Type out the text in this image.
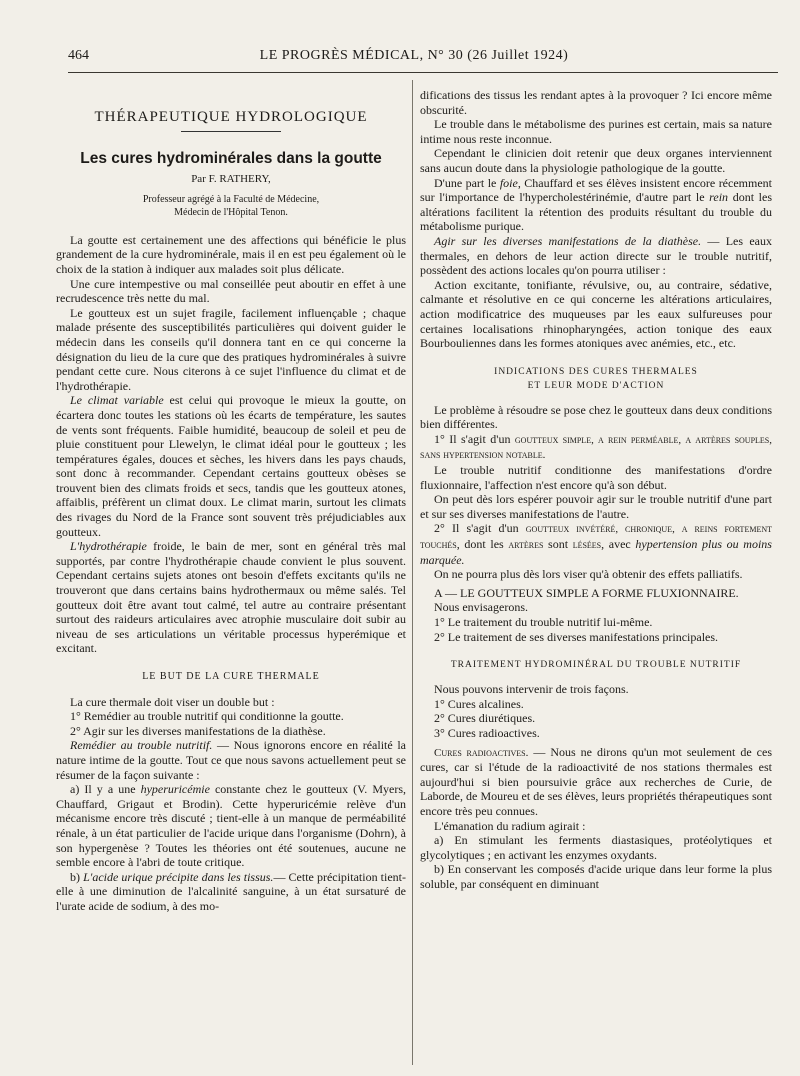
464	LE PROGRÈS MÉDICAL, N° 30 (26 Juillet 1924)

THÉRAPEUTIQUE HYDROLOGIQUE

Les cures hydrominérales dans la goutte

Par F. RATHERY,

Professeur agrégé à la Faculté de Médecine,

Médecin de l'Hôpital Tenon.

La goutte est certainement une des affections qui bénéficie le plus grandement de la cure hydrominérale, mais il en est peu également où le choix de la station à indiquer aux malades soit plus délicate.

Une cure intempestive ou mal conseillée peut aboutir en effet à une recrudescence très nette du mal.

Le goutteux est un sujet fragile, facilement influençable ; chaque malade présente des susceptibilités particulières qui doivent guider le médecin dans les conseils qu'il donnera tant en ce qui concerne la désignation du lieu de la cure que des pratiques hydrominérales à suivre pendant cette cure. Nous citerons à ce sujet l'influence du climat et de l'hydrothérapie.

Le climat variable est celui qui provoque le mieux la goutte, on écartera donc toutes les stations où les écarts de température, les sautes de vents sont fréquents. Faible humidité, beaucoup de soleil et peu de pluie constituent pour Llewelyn, le climat idéal pour le goutteux ; les températures égales, douces et sèches, les hivers dans les pays chauds, sont donc à recommander. Cependant certains goutteux obèses se trouvent bien des climats froids et secs, tandis que les goutteux atones, affaiblis, préfèrent un climat doux. Le climat marin, surtout les climats des rivages du Nord de la France sont souvent très préjudiciables aux goutteux.

L'hydrothérapie froide, le bain de mer, sont en général très mal supportés, par contre l'hydrothérapie chaude convient le plus souvent. Cependant certains sujets atones ont besoin d'effets excitants qu'ils ne trouveront que dans certains bains hydrothermaux ou même salés. Tel goutteux doit être avant tout calmé, tel autre au contraire présentant surtout des raideurs articulaires avec atrophie musculaire doit subir au niveau de ses articulations un véritable processus hyperémique et excitant.

LE BUT DE LA CURE THERMALE

La cure thermale doit viser un double but :

1° Remédier au trouble nutritif qui conditionne la goutte.

2° Agir sur les diverses manifestations de la diathèse.

Remédier au trouble nutritif. — Nous ignorons encore en réalité la nature intime de la goutte. Tout ce que nous savons actuellement peut se résumer de la façon suivante :

a) Il y a une hyperuricémie constante chez le goutteux (V. Myers, Chauffard, Grigaut et Brodin). Cette hyperuricémie relève d'un mécanisme encore très discuté ; tient-elle à un manque de perméabilité rénale, à un état particulier de l'acide urique dans l'organisme (Dohrn), à son hypergenèse ? Toutes les théories ont été soutenues, aucune ne semble encore à l'abri de toute critique.

b) L'acide urique précipite dans les tissus.— Cette précipitation tient-elle à une diminution de l'alcalinité sanguine, à un état sursaturé de l'urate acide de sodium, à des mo-

difications des tissus les rendant aptes à la provoquer ? Ici encore même obscurité.

Le trouble dans le métabolisme des purines est certain, mais sa nature intime nous reste inconnue.

Cependant le clinicien doit retenir que deux organes interviennent sans aucun doute dans la physiologie pathologique de la goutte.

D'une part le foie, Chauffard et ses élèves insistent encore récemment sur l'importance de l'hypercholestérinémie, d'autre part le rein dont les altérations facilitent la rétention des produits résultant du trouble du métabolisme purique.

Agir sur les diverses manifestations de la diathèse. — Les eaux thermales, en dehors de leur action directe sur le trouble nutritif, possèdent des actions locales qu'on pourra utiliser :

Action excitante, tonifiante, révulsive, ou, au contraire, sédative, calmante et résolutive en ce qui concerne les altérations articulaires, action modificatrice des muqueuses par les eaux sulfureuses pour certaines localisations rhinopharyngées, action tonique des eaux Bourbouliennes dans les formes atoniques avec anémies, etc., etc.

INDICATIONS DES CURES THERMALES
ET LEUR MODE D'ACTION

Le problème à résoudre se pose chez le goutteux dans deux conditions bien différentes.

1° Il s'agit d'un goutteux simple, a rein perméable, a artères souples, sans hypertension notable.

Le trouble nutritif conditionne des manifestations d'ordre fluxionnaire, l'affection n'est encore qu'à son début.

On peut dès lors espérer pouvoir agir sur le trouble nutritif d'une part et sur ses diverses manifestations de l'autre.

2° Il s'agit d'un goutteux invétéré, chronique, a reins fortement touchés, dont les artères sont lésées, avec hypertension plus ou moins marquée.

On ne pourra plus dès lors viser qu'à obtenir des effets palliatifs.

A — LE GOUTTEUX SIMPLE A FORME FLUXIONNAIRE.

Nous envisagerons.

1° Le traitement du trouble nutritif lui-même.

2° Le traitement de ses diverses manifestations principales.

TRAITEMENT HYDROMINÉRAL DU TROUBLE NUTRITIF

Nous pouvons intervenir de trois façons.

1° Cures alcalines.

2° Cures diurétiques.

3° Cures radioactives.

Cures radioactives. — Nous ne dirons qu'un mot seulement de ces cures, car si l'étude de la radioactivité de nos stations thermales est aujourd'hui si bien poursuivie grâce aux recherches de Curie, de Laborde, de Moureu et de ses élèves, leurs propriétés thérapeutiques sont encore très peu connues.

L'émanation du radium agirait :

a) En stimulant les ferments diastasiques, protéolytiques et glycolytiques ; en activant les enzymes oxydants.

b) En conservant les composés d'acide urique dans leur forme la plus soluble, par conséquent en diminuant
